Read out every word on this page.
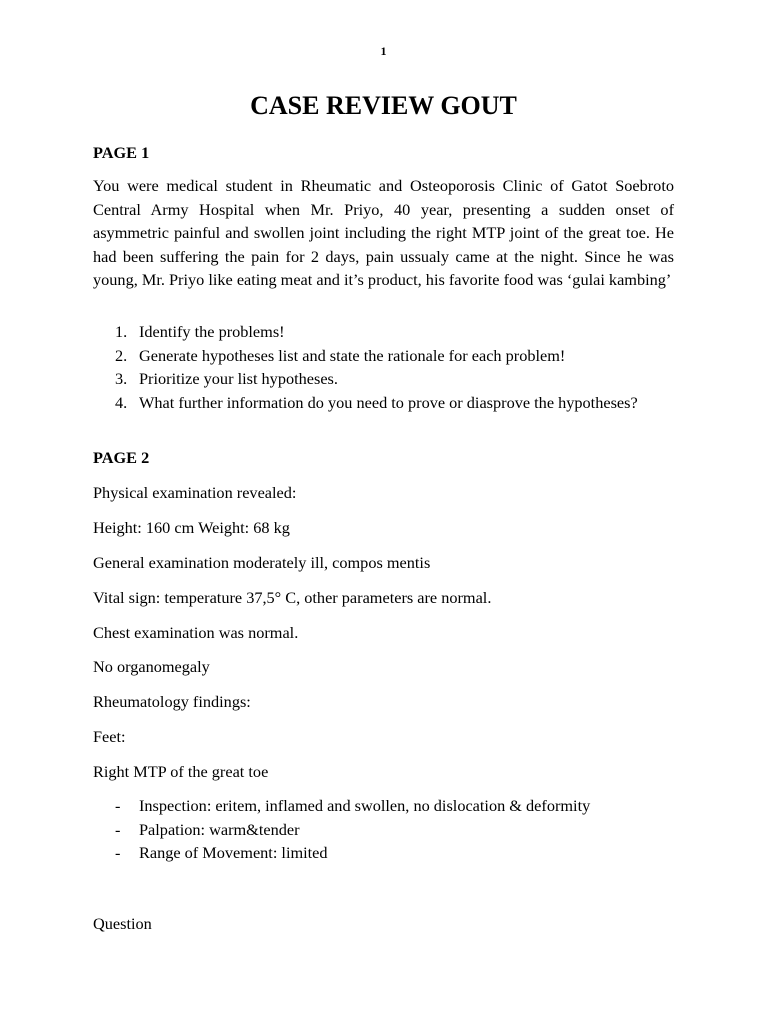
1
CASE REVIEW GOUT

PAGE 1

You were medical student in Rheumatic and Osteoporosis Clinic of Gatot Soebroto Central Army Hospital when Mr. Priyo, 40 year, presenting a sudden onset of asymmetric painful and swollen joint including the right MTP joint of the great toe. He had been suffering the pain for 2 days, pain ussualy came at the night. Since he was young, Mr. Priyo like eating meat and it’s product, his favorite food was ‘gulai kambing’

1. Identify the problems!
2. Generate hypotheses list and state the rationale for each problem!
3. Prioritize your list hypotheses.
4. What further information do you need to prove or diasprove the hypotheses?

PAGE 2

Physical examination revealed:

Height: 160 cm Weight: 68 kg

General examination moderately ill, compos mentis

Vital sign: temperature 37,5° C, other parameters are normal.

Chest examination was normal.

No organomegaly

Rheumatology findings:

Feet:

Right MTP of the great toe

- Inspection: eritem, inflamed and swollen, no dislocation & deformity
- Palpation: warm&tender
- Range of Movement: limited

Question
